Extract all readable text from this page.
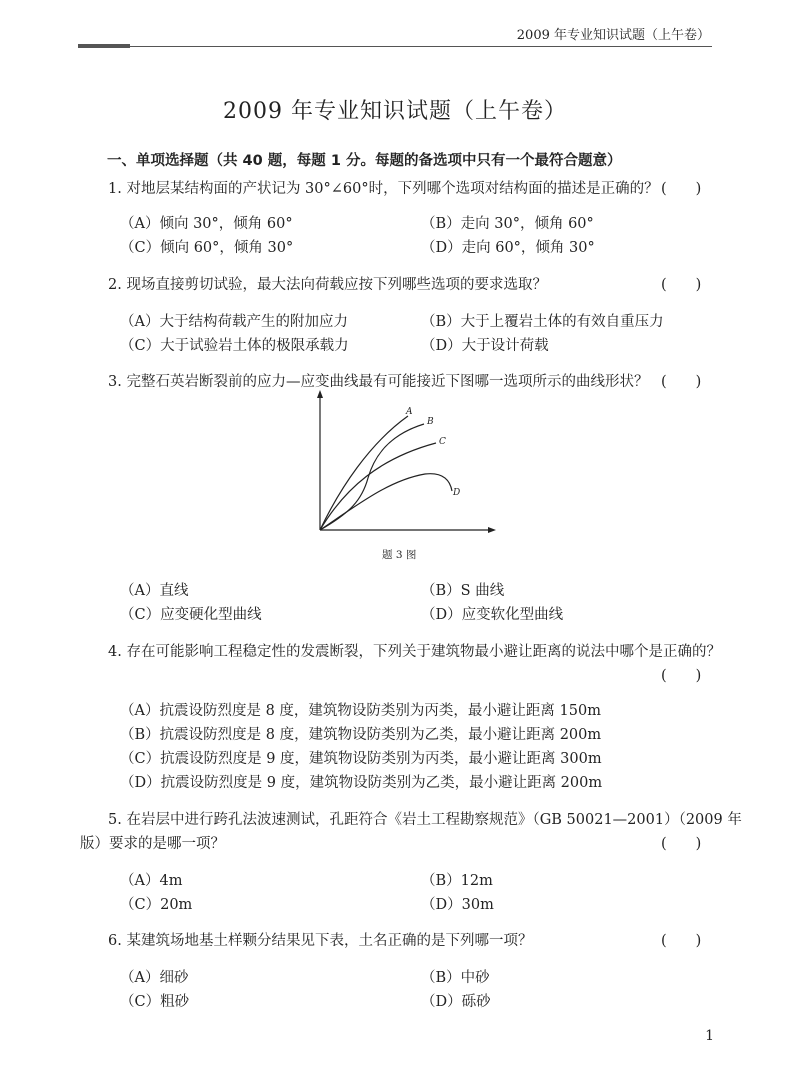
2009 年专业知识试题（上午卷）
2009 年专业知识试题（上午卷）
一、单项选择题（共 40 题，每题 1 分。每题的备选项中只有一个最符合题意）
1. 对地层某结构面的产状记为 30°∠60°时，下列哪个选项对结构面的描述是正确的？ (　　)
（A）倾向 30°，倾角 60°	（B）走向 30°，倾角 60°
（C）倾向 60°，倾角 30°	（D）走向 60°，倾角 30°
2. 现场直接剪切试验，最大法向荷载应按下列哪些选项的要求选取？	(　　)
（A）大于结构荷载产生的附加应力	（B）大于上覆岩土体的有效自重压力
（C）大于试验岩土体的极限承载力	（D）大于设计荷载
3. 完整石英岩断裂前的应力—应变曲线最有可能接近下图哪一选项所示的曲线形状？ (　　)
A
B
C
D
题 3 图
（A）直线	（B）S 曲线
（C）应变硬化型曲线	（D）应变软化型曲线
4. 存在可能影响工程稳定性的发震断裂，下列关于建筑物最小避让距离的说法中哪个是正确的？
(　　)
（A）抗震设防烈度是 8 度，建筑物设防类别为丙类，最小避让距离 150m
（B）抗震设防烈度是 8 度，建筑物设防类别为乙类，最小避让距离 200m
（C）抗震设防烈度是 9 度，建筑物设防类别为丙类，最小避让距离 300m
（D）抗震设防烈度是 9 度，建筑物设防类别为乙类，最小避让距离 200m
5. 在岩层中进行跨孔法波速测试，孔距符合《岩土工程勘察规范》（GB 50021—2001）（2009 年
版）要求的是哪一项？	(　　)
（A）4m	（B）12m
（C）20m	（D）30m
6. 某建筑场地基土样颗分结果见下表，土名正确的是下列哪一项？	(　　)
（A）细砂	（B）中砂
（C）粗砂	（D）砾砂
1
